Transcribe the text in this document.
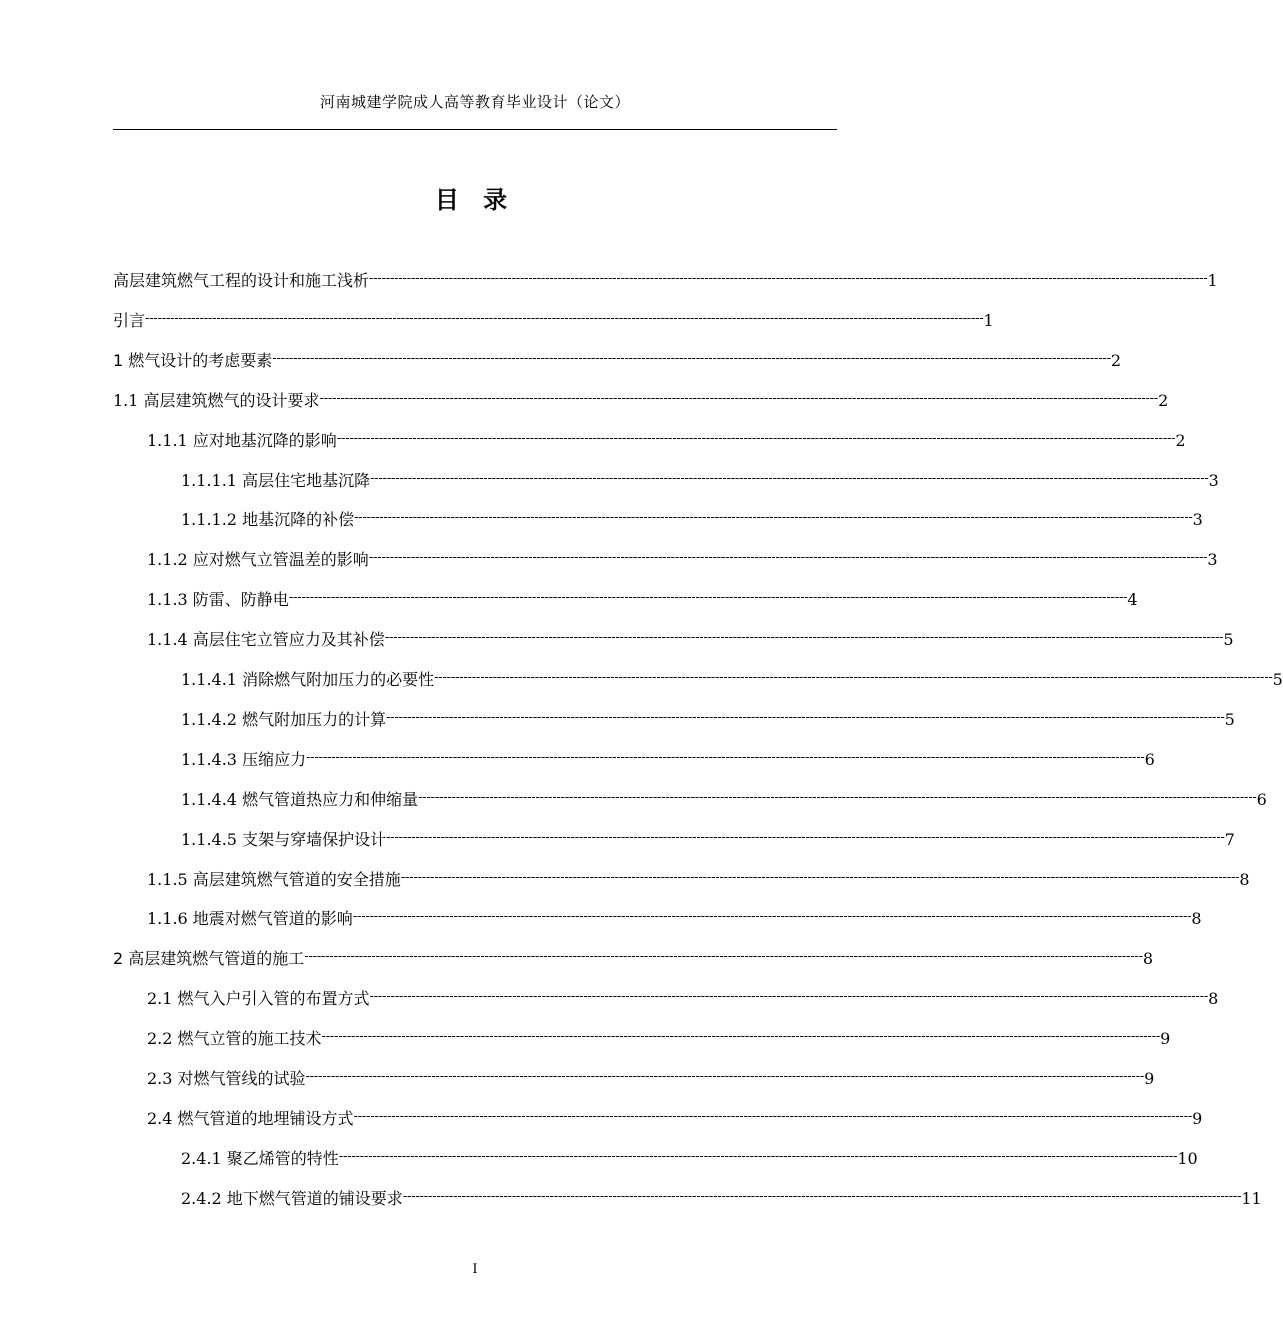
河南城建学院成人高等教育毕业设计（论文）
目 录
高层建筑燃气工程的设计和施工浅析 -------------------------------------------------------------------------------------------------------------------------------------------------------------------------------------------------------- 1
引言 -------------------------------------------------------------------------------------------------------------------------------------------------------------------------------------------------------- 1
1 燃气设计的考虑要素 -------------------------------------------------------------------------------------------------------------------------------------------------------------------------------------------------------- 2
1.1 高层建筑燃气的设计要求 -------------------------------------------------------------------------------------------------------------------------------------------------------------------------------------------------------- 2
1.1.1 应对地基沉降的影响 -------------------------------------------------------------------------------------------------------------------------------------------------------------------------------------------------------- 2
1.1.1.1 高层住宅地基沉降 -------------------------------------------------------------------------------------------------------------------------------------------------------------------------------------------------------- 3
1.1.1.2 地基沉降的补偿 -------------------------------------------------------------------------------------------------------------------------------------------------------------------------------------------------------- 3
1.1.2 应对燃气立管温差的影响 -------------------------------------------------------------------------------------------------------------------------------------------------------------------------------------------------------- 3
1.1.3 防雷、防静电 -------------------------------------------------------------------------------------------------------------------------------------------------------------------------------------------------------- 4
1.1.4 高层住宅立管应力及其补偿 -------------------------------------------------------------------------------------------------------------------------------------------------------------------------------------------------------- 5
1.1.4.1 消除燃气附加压力的必要性 -------------------------------------------------------------------------------------------------------------------------------------------------------------------------------------------------------- 5
1.1.4.2 燃气附加压力的计算 -------------------------------------------------------------------------------------------------------------------------------------------------------------------------------------------------------- 5
1.1.4.3 压缩应力 -------------------------------------------------------------------------------------------------------------------------------------------------------------------------------------------------------- 6
1.1.4.4 燃气管道热应力和伸缩量 -------------------------------------------------------------------------------------------------------------------------------------------------------------------------------------------------------- 6
1.1.4.5 支架与穿墙保护设计 -------------------------------------------------------------------------------------------------------------------------------------------------------------------------------------------------------- 7
1.1.5 高层建筑燃气管道的安全措施 -------------------------------------------------------------------------------------------------------------------------------------------------------------------------------------------------------- 8
1.1.6 地震对燃气管道的影响 -------------------------------------------------------------------------------------------------------------------------------------------------------------------------------------------------------- 8
2 高层建筑燃气管道的施工 -------------------------------------------------------------------------------------------------------------------------------------------------------------------------------------------------------- 8
2.1 燃气入户引入管的布置方式 -------------------------------------------------------------------------------------------------------------------------------------------------------------------------------------------------------- 8
2.2 燃气立管的施工技术 -------------------------------------------------------------------------------------------------------------------------------------------------------------------------------------------------------- 9
2.3 对燃气管线的试验 -------------------------------------------------------------------------------------------------------------------------------------------------------------------------------------------------------- 9
2.4 燃气管道的地埋铺设方式 -------------------------------------------------------------------------------------------------------------------------------------------------------------------------------------------------------- 9
2.4.1 聚乙烯管的特性 -------------------------------------------------------------------------------------------------------------------------------------------------------------------------------------------------------- 10
2.4.2 地下燃气管道的铺设要求 -------------------------------------------------------------------------------------------------------------------------------------------------------------------------------------------------------- 11
I
